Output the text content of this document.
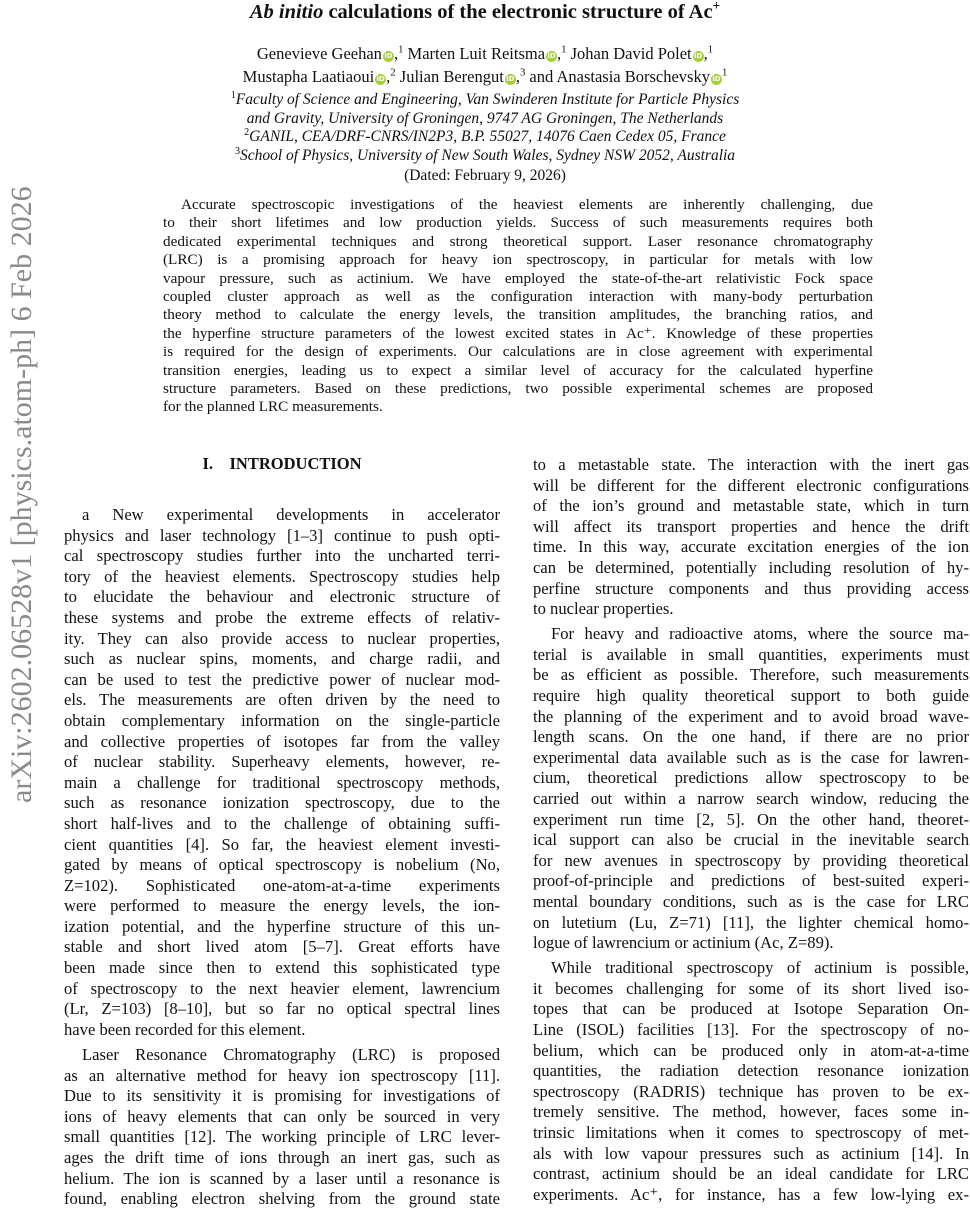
arXiv:2602.06528v1 [physics.atom-ph] 6 Feb 2026
Ab initio calculations of the electronic structure of Ac+
Genevieve Geehan iD,$^1$ Marten Luit Reitsma iD,$^1$ Johan David Polet iD,$^1$
Mustapha Laatiaoui iD,$^2$ Julian Berengut iD,$^3$ and Anastasia Borschevsky $iD^1$
$^1$Faculty of Science and Engineering, Van Swinderen Institute for Particle Physics
and Gravity, University of Groningen, 9747 AG Groningen, The Netherlands
$^2$GANIL, CEA/DRF-CNRS/IN2P3, B.P. 55027, 14076 Caen Cedex 05, France
$^3$School of Physics, University of New South Wales, Sydney NSW 2052, Australia
(Dated: February 9, 2026)
Accurate spectroscopic investigations of the heaviest elements are inherently challenging, due
to their short lifetimes and low production yields. Success of such measurements requires both
dedicated experimental techniques and strong theoretical support. Laser resonance chromatography
(LRC) is a promising approach for heavy ion spectroscopy, in particular for metals with low
vapour pressure, such as actinium. We have employed the state-of-the-art relativistic Fock space
coupled cluster approach as well as the configuration interaction with many-body perturbation
theory method to calculate the energy levels, the transition amplitudes, the branching ratios, and
the hyperfine structure parameters of the lowest excited states in Ac⁺. Knowledge of these properties
is required for the design of experiments. Our calculations are in close agreement with experimental
transition energies, leading us to expect a similar level of accuracy for the calculated hyperfine
structure parameters. Based on these predictions, two possible experimental schemes are proposed
for the planned LRC measurements.
I.    INTRODUCTION
a New experimental developments in accelerator
physics and laser technology [1–3] continue to push opti-
cal spectroscopy studies further into the uncharted terri-
tory of the heaviest elements. Spectroscopy studies help
to elucidate the behaviour and electronic structure of
these systems and probe the extreme effects of relativ-
ity. They can also provide access to nuclear properties,
such as nuclear spins, moments, and charge radii, and
can be used to test the predictive power of nuclear mod-
els. The measurements are often driven by the need to
obtain complementary information on the single-particle
and collective properties of isotopes far from the valley
of nuclear stability. Superheavy elements, however, re-
main a challenge for traditional spectroscopy methods,
such as resonance ionization spectroscopy, due to the
short half-lives and to the challenge of obtaining suffi-
cient quantities [4]. So far, the heaviest element investi-
gated by means of optical spectroscopy is nobelium (No,
Z=102). Sophisticated one-atom-at-a-time experiments
were performed to measure the energy levels, the ion-
ization potential, and the hyperfine structure of this un-
stable and short lived atom [5–7]. Great efforts have
been made since then to extend this sophisticated type
of spectroscopy to the next heavier element, lawrencium
(Lr, Z=103) [8–10], but so far no optical spectral lines
have been recorded for this element.
Laser Resonance Chromatography (LRC) is proposed
as an alternative method for heavy ion spectroscopy [11].
Due to its sensitivity it is promising for investigations of
ions of heavy elements that can only be sourced in very
small quantities [12]. The working principle of LRC lever-
ages the drift time of ions through an inert gas, such as
helium. The ion is scanned by a laser until a resonance is
found, enabling electron shelving from the ground state
to a metastable state. The interaction with the inert gas
will be different for the different electronic configurations
of the ion’s ground and metastable state, which in turn
will affect its transport properties and hence the drift
time. In this way, accurate excitation energies of the ion
can be determined, potentially including resolution of hy-
perfine structure components and thus providing access
to nuclear properties.
For heavy and radioactive atoms, where the source ma-
terial is available in small quantities, experiments must
be as efficient as possible. Therefore, such measurements
require high quality theoretical support to both guide
the planning of the experiment and to avoid broad wave-
length scans. On the one hand, if there are no prior
experimental data available such as is the case for lawren-
cium, theoretical predictions allow spectroscopy to be
carried out within a narrow search window, reducing the
experiment run time [2, 5]. On the other hand, theoret-
ical support can also be crucial in the inevitable search
for new avenues in spectroscopy by providing theoretical
proof-of-principle and predictions of best-suited experi-
mental boundary conditions, such as is the case for LRC
on lutetium (Lu, Z=71) [11], the lighter chemical homo-
logue of lawrencium or actinium (Ac, Z=89).
While traditional spectroscopy of actinium is possible,
it becomes challenging for some of its short lived iso-
topes that can be produced at Isotope Separation On-
Line (ISOL) facilities [13]. For the spectroscopy of no-
belium, which can be produced only in atom-at-a-time
quantities, the radiation detection resonance ionization
spectroscopy (RADRIS) technique has proven to be ex-
tremely sensitive. The method, however, faces some in-
trinsic limitations when it comes to spectroscopy of met-
als with low vapour pressures such as actinium [14]. In
contrast, actinium should be an ideal candidate for LRC
experiments. Ac⁺, for instance, has a few low-lying ex-
